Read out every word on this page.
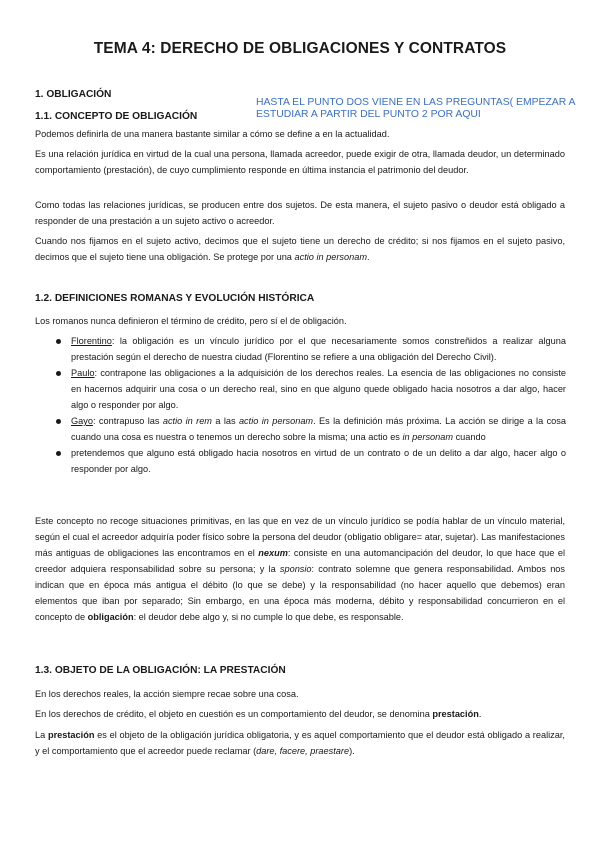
TEMA 4: DERECHO DE OBLIGACIONES Y CONTRATOS
1. OBLIGACIÓN
1.1. CONCEPTO DE OBLIGACIÓN
HASTA EL PUNTO DOS VIENE EN LAS PREGUNTAS( EMPEZAR A ESTUDIAR A PARTIR DEL PUNTO 2 POR AQUI
Podemos definirla de una manera bastante similar a cómo se define a en la actualidad.
Es una relación jurídica en virtud de la cual una persona, llamada acreedor, puede exigir de otra, llamada deudor, un determinado comportamiento (prestación), de cuyo cumplimiento responde en última instancia el patrimonio del deudor.
Como todas las relaciones jurídicas, se producen entre dos sujetos. De esta manera, el sujeto pasivo o deudor está obligado a responder de una prestación a un sujeto activo o acreedor.
Cuando nos fijamos en el sujeto activo, decimos que el sujeto tiene un derecho de crédito; si nos fijamos en el sujeto pasivo, decimos que el sujeto tiene una obligación. Se protege por una actio in personam.
1.2. DEFINICIONES ROMANAS Y EVOLUCIÓN HISTÓRICA
Los romanos nunca definieron el término de crédito, pero sí el de obligación.
Florentino: la obligación es un vínculo jurídico por el que necesariamente somos constreñidos a realizar alguna prestación según el derecho de nuestra ciudad (Florentino se refiere a una obligación del Derecho Civil).
Paulo: contrapone las obligaciones a la adquisición de los derechos reales. La esencia de las obligaciones no consiste en hacernos adquirir una cosa o un derecho real, sino en que alguno quede obligado hacia nosotros a dar algo, hacer algo o responder por algo.
Gayo: contrapuso las actio in rem a las actio in personam. Es la definición más próxima. La acción se dirige a la cosa cuando una cosa es nuestra o tenemos un derecho sobre la misma; una actio es in personam cuando
pretendemos que alguno está obligado hacia nosotros en virtud de un contrato o de un delito a dar algo, hacer algo o responder por algo.
Este concepto no recoge situaciones primitivas, en las que en vez de un vínculo jurídico se podía hablar de un vínculo material, según el cual el acreedor adquiría poder físico sobre la persona del deudor (obligatio obligare= atar, sujetar). Las manifestaciones más antiguas de obligaciones las encontramos en el nexum: consiste en una automancipación del deudor, lo que hace que el creedor adquiera responsabilidad sobre su persona; y la sponsio: contrato solemne que genera responsabilidad. Ambos nos indican que en época más antigua el débito (lo que se debe) y la responsabilidad (no hacer aquello que debemos) eran elementos que iban por separado; Sin embargo, en una época más moderna, débito y responsabilidad concurrieron en el concepto de obligación: el deudor debe algo y, si no cumple lo que debe, es responsable.
1.3. OBJETO DE LA OBLIGACIÓN: LA PRESTACIÓN
En los derechos reales, la acción siempre recae sobre una cosa.
En los derechos de crédito, el objeto en cuestión es un comportamiento del deudor, se denomina prestación.
La prestación es el objeto de la obligación jurídica obligatoria, y es aquel comportamiento que el deudor está obligado a realizar, y el comportamiento que el acreedor puede reclamar (dare, facere, praestare).
